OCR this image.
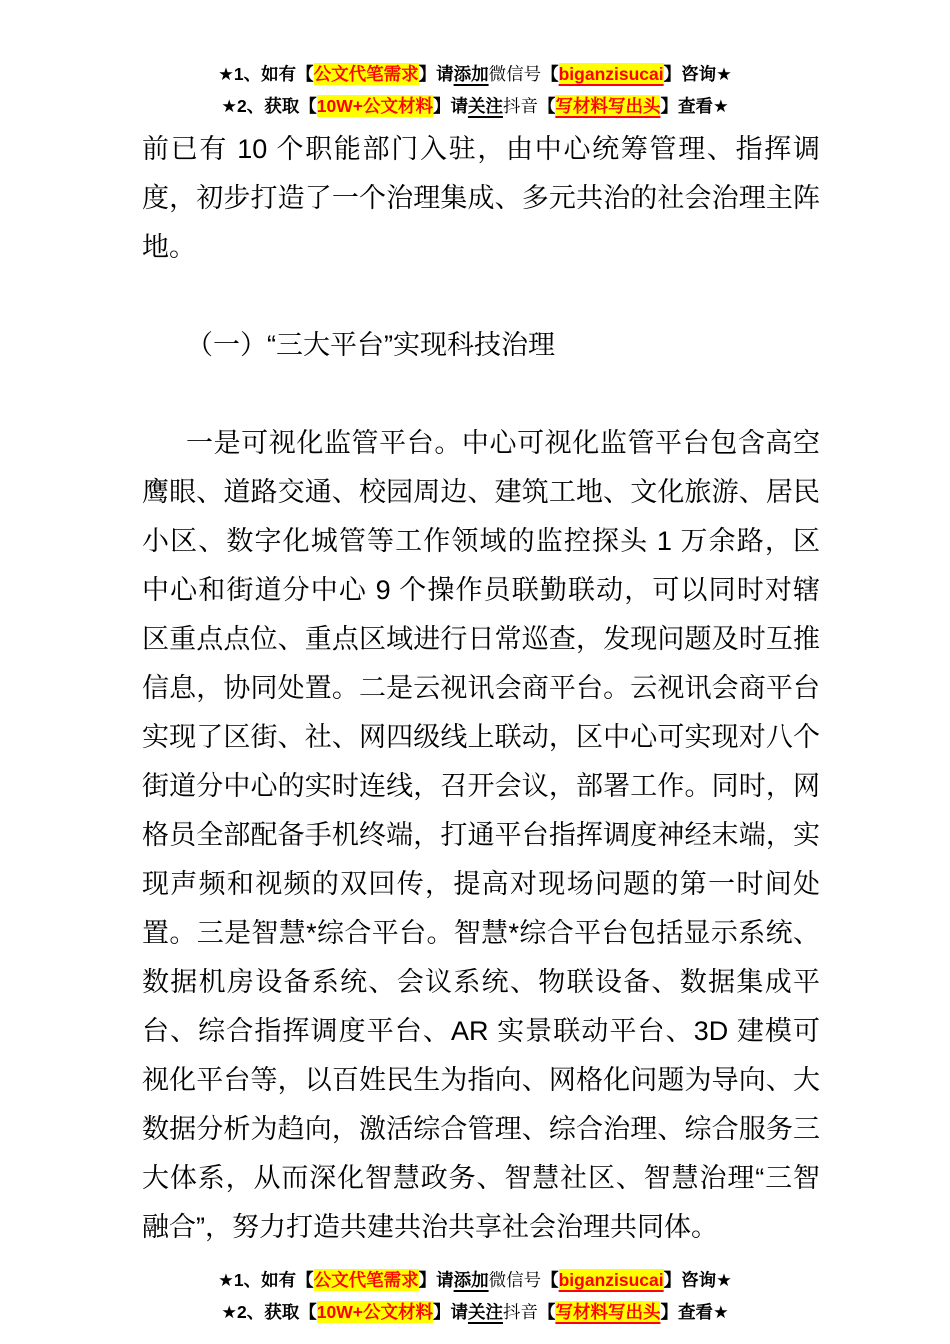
★1、如有【公文代笔需求】请添加微信号【biganzisucai】咨询★
★2、获取【10W+公文材料】请关注抖音【写材料写出头】查看★

前已有 10 个职能部门入驻，由中心统筹管理、指挥调度，初步打造了一个治理集成、多元共治的社会治理主阵地。

（一）“三大平台”实现科技治理

一是可视化监管平台。中心可视化监管平台包含高空鹰眼、道路交通、校园周边、建筑工地、文化旅游、居民小区、数字化城管等工作领域的监控探头 1 万余路，区中心和街道分中心 9 个操作员联勤联动，可以同时对辖区重点点位、重点区域进行日常巡查，发现问题及时互推信息，协同处置。二是云视讯会商平台。云视讯会商平台实现了区街、社、网四级线上联动，区中心可实现对八个街道分中心的实时连线，召开会议，部署工作。同时，网格员全部配备手机终端，打通平台指挥调度神经末端，实现声频和视频的双回传，提高对现场问题的第一时间处置。三是智慧*综合平台。智慧*综合平台包括显示系统、数据机房设备系统、会议系统、物联设备、数据集成平台、综合指挥调度平台、AR 实景联动平台、3D 建模可视化平台等，以百姓民生为指向、网格化问题为导向、大数据分析为趋向，激活综合管理、综合治理、综合服务三大体系，从而深化智慧政务、智慧社区、智慧治理“三智融合”，努力打造共建共治共享社会治理共同体。

★1、如有【公文代笔需求】请添加微信号【biganzisucai】咨询★
★2、获取【10W+公文材料】请关注抖音【写材料写出头】查看★
